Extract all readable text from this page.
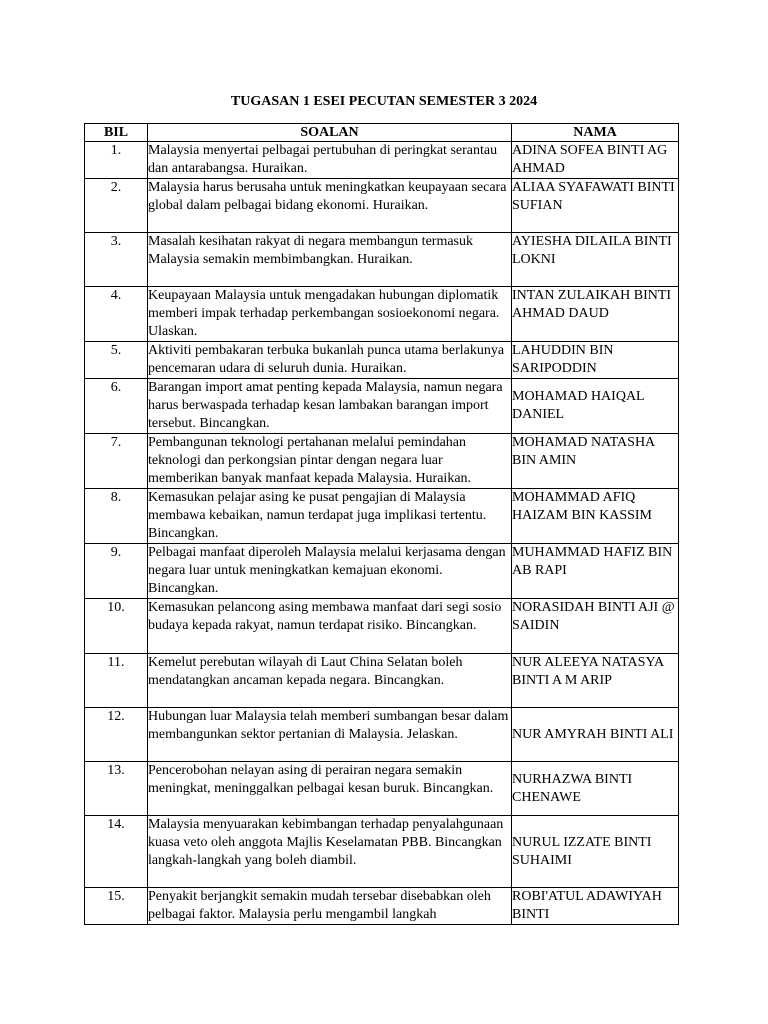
TUGASAN 1 ESEI PECUTAN SEMESTER 3 2024
BIL	SOALAN	NAMA
1.	Malaysia menyertai pelbagai pertubuhan di peringkat serantau dan antarabangsa. Huraikan.	ADINA SOFEA BINTI AG AHMAD
2.	Malaysia harus berusaha untuk meningkatkan keupayaan secara global dalam pelbagai bidang ekonomi. Huraikan.	ALIAA SYAFAWATI BINTI SUFIAN
3.	Masalah kesihatan rakyat di negara membangun termasuk Malaysia semakin membimbangkan. Huraikan.	AYIESHA DILAILA BINTI LOKNI
4.	Keupayaan Malaysia untuk mengadakan hubungan diplomatik memberi impak terhadap perkembangan sosioekonomi negara. Ulaskan.	INTAN ZULAIKAH BINTI AHMAD DAUD
5.	Aktiviti pembakaran terbuka bukanlah punca utama berlakunya pencemaran udara di seluruh dunia. Huraikan.	LAHUDDIN BIN SARIPODDIN
6.	Barangan import amat penting kepada Malaysia, namun negara harus berwaspada terhadap kesan lambakan barangan import tersebut. Bincangkan.	MOHAMAD HAIQAL DANIEL
7.	Pembangunan teknologi pertahanan melalui pemindahan teknologi dan perkongsian pintar dengan negara luar memberikan banyak manfaat kepada Malaysia. Huraikan.	MOHAMAD NATASHA BIN AMIN
8.	Kemasukan pelajar asing ke pusat pengajian di Malaysia membawa kebaikan, namun terdapat juga implikasi tertentu. Bincangkan.	MOHAMMAD AFIQ HAIZAM BIN KASSIM
9.	Pelbagai manfaat diperoleh Malaysia melalui kerjasama dengan negara luar untuk meningkatkan kemajuan ekonomi. Bincangkan.	MUHAMMAD HAFIZ BIN AB RAPI
10.	Kemasukan pelancong asing membawa manfaat dari segi sosio budaya kepada rakyat, namun terdapat risiko. Bincangkan.	NORASIDAH BINTI AJI @ SAIDIN
11.	Kemelut perebutan wilayah di Laut China Selatan boleh mendatangkan ancaman kepada negara. Bincangkan.	NUR ALEEYA NATASYA BINTI A M ARIP
12.	Hubungan luar Malaysia telah memberi sumbangan besar dalam membangunkan sektor pertanian di Malaysia. Jelaskan.	NUR AMYRAH BINTI ALI
13.	Pencerobohan nelayan asing di perairan negara semakin meningkat, meninggalkan pelbagai kesan buruk. Bincangkan.	NURHAZWA BINTI CHENAWE
14.	Malaysia menyuarakan kebimbangan terhadap penyalahgunaan kuasa veto oleh anggota Majlis Keselamatan PBB. Bincangkan langkah-langkah yang boleh diambil.	NURUL IZZATE BINTI SUHAIMI
15.	Penyakit berjangkit semakin mudah tersebar disebabkan oleh pelbagai faktor. Malaysia perlu mengambil langkah	ROBI'ATUL ADAWIYAH BINTI
